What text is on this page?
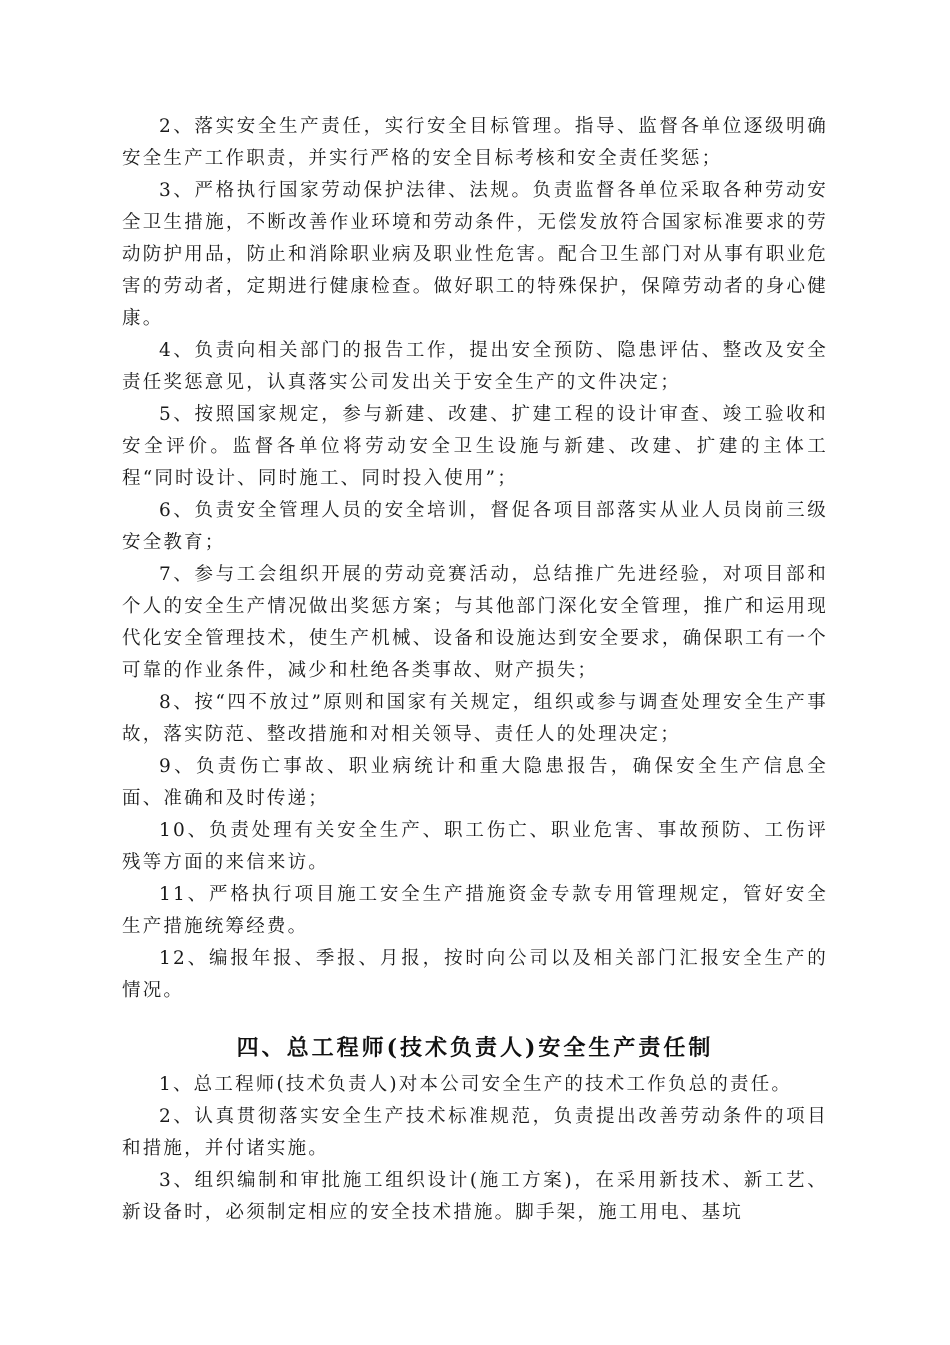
2、落实安全生产责任，实行安全目标管理。指导、监督各单位逐级明确安全生产工作职责，并实行严格的安全目标考核和安全责任奖惩；

3、严格执行国家劳动保护法律、法规。负责监督各单位采取各种劳动安全卫生措施，不断改善作业环境和劳动条件，无偿发放符合国家标准要求的劳动防护用品，防止和消除职业病及职业性危害。配合卫生部门对从事有职业危害的劳动者，定期进行健康检查。做好职工的特殊保护，保障劳动者的身心健康。

4、负责向相关部门的报告工作，提出安全预防、隐患评估、整改及安全责任奖惩意见，认真落实公司发出关于安全生产的文件决定；

5、按照国家规定，参与新建、改建、扩建工程的设计审查、竣工验收和安全评价。监督各单位将劳动安全卫生设施与新建、改建、扩建的主体工程“同时设计、同时施工、同时投入使用”；

6、负责安全管理人员的安全培训，督促各项目部落实从业人员岗前三级安全教育；

7、参与工会组织开展的劳动竞赛活动，总结推广先进经验，对项目部和个人的安全生产情况做出奖惩方案；与其他部门深化安全管理，推广和运用现代化安全管理技术，使生产机械、设备和设施达到安全要求，确保职工有一个可靠的作业条件，减少和杜绝各类事故、财产损失；

8、按“四不放过”原则和国家有关规定，组织或参与调查处理安全生产事故，落实防范、整改措施和对相关领导、责任人的处理决定；

9、负责伤亡事故、职业病统计和重大隐患报告，确保安全生产信息全面、准确和及时传递；

10、负责处理有关安全生产、职工伤亡、职业危害、事故预防、工伤评残等方面的来信来访。

11、严格执行项目施工安全生产措施资金专款专用管理规定，管好安全生产措施统筹经费。

12、编报年报、季报、月报，按时向公司以及相关部门汇报安全生产的情况。

四、总工程师(技术负责人)安全生产责任制

1、总工程师(技术负责人)对本公司安全生产的技术工作负总的责任。

2、认真贯彻落实安全生产技术标准规范，负责提出改善劳动条件的项目和措施，并付诸实施。

3、组织编制和审批施工组织设计(施工方案)，在采用新技术、新工艺、新设备时，必须制定相应的安全技术措施。脚手架，施工用电、基坑
